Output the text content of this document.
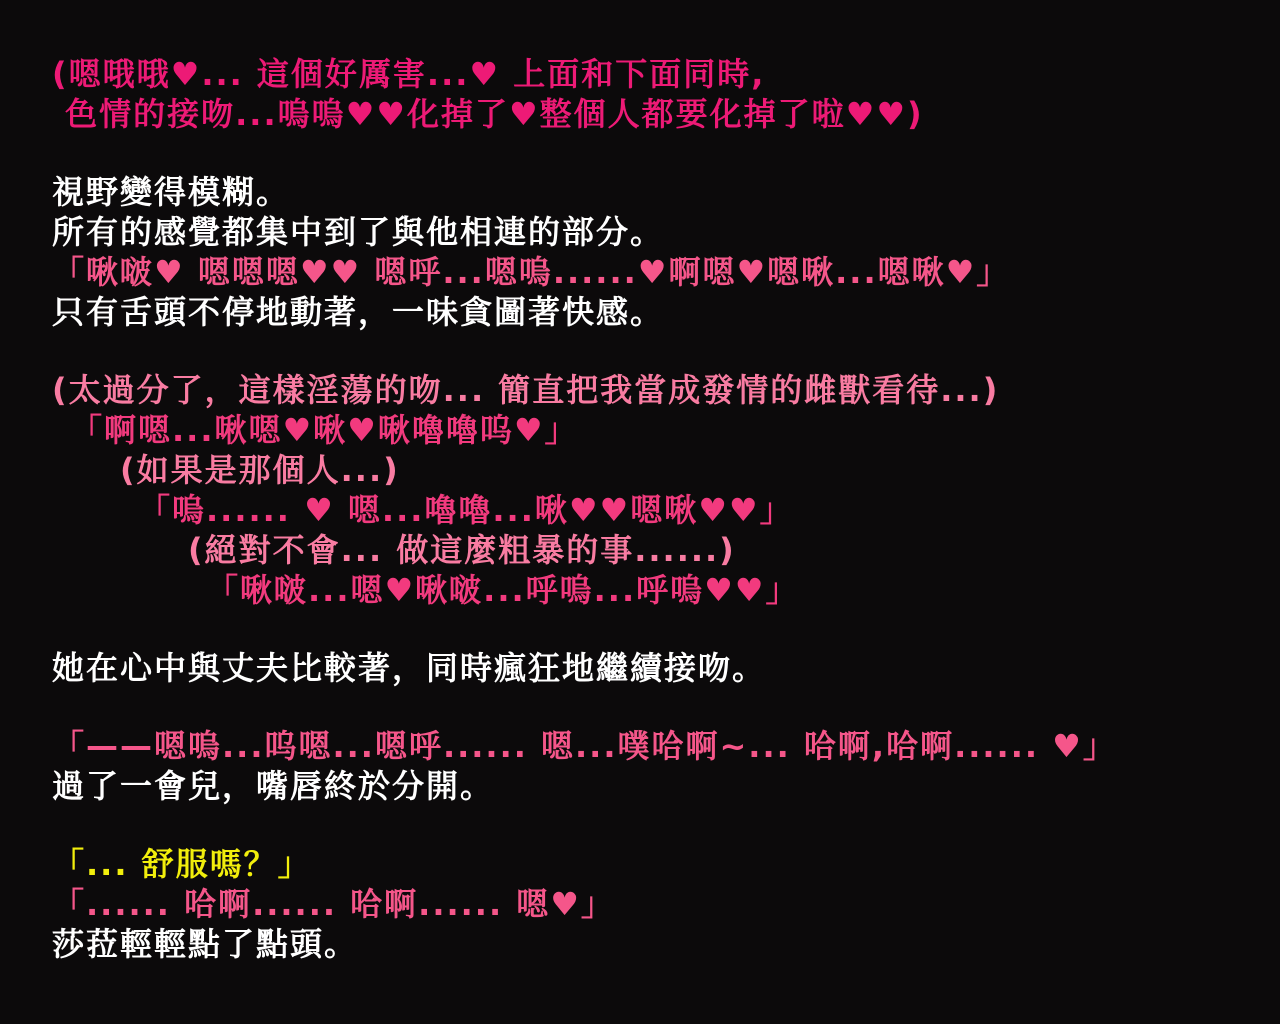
(嗯哦哦♥... 這個好厲害...♥ 上面和下面同時,
色情的接吻...嗚嗚♥♥化掉了♥整個人都要化掉了啦♥♥)
視野變得模糊。
所有的感覺都集中到了與他相連的部分。
「啾啵♥ 嗯嗯嗯♥♥ 嗯呼...嗯嗚......♥啊嗯♥嗯啾...嗯啾♥」
只有舌頭不停地動著，一味貪圖著快感。
(太過分了，這樣淫蕩的吻... 簡直把我當成發情的雌獸看待...)
　「啊嗯...啾嗯♥啾♥啾嚕嚕呜♥」
　　(如果是那個人...)
　　　「嗚...... ♥ 嗯...嚕嚕...啾♥♥嗯啾♥♥」
　　　　(絕對不會... 做這麼粗暴的事......)
　　　　　「啾啵...嗯♥啾啵...呼嗚...呼嗚♥♥」
她在心中與丈夫比較著，同時瘋狂地繼續接吻。
「——嗯嗚...呜嗯...嗯呼...... 嗯...噗哈啊~... 哈啊,哈啊...... ♥」
過了一會兒，嘴唇終於分開。
「... 舒服嗎？」
「...... 哈啊...... 哈啊...... 嗯♥」
莎菈輕輕點了點頭。
